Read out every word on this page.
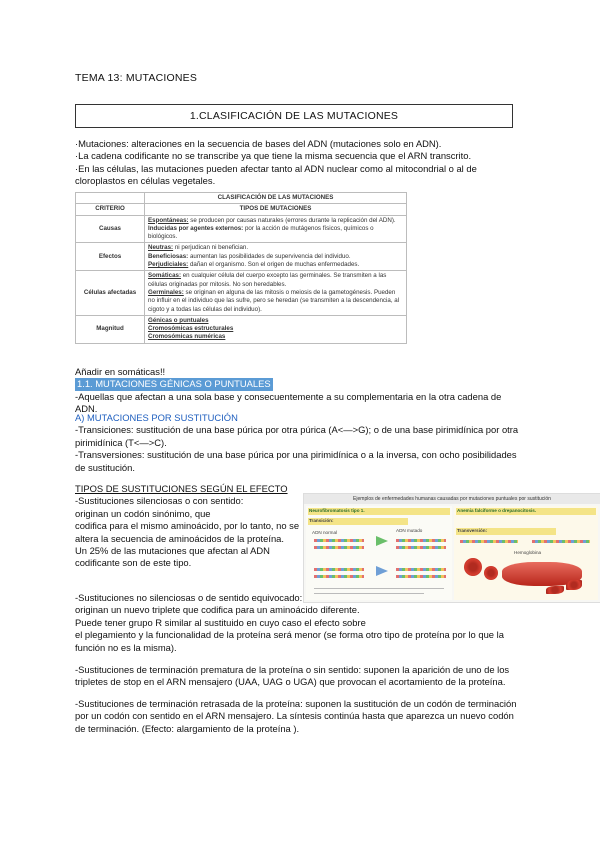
TEMA 13: MUTACIONES
1.CLASIFICACIÓN DE LAS MUTACIONES

·Mutaciones: alteraciones en la secuencia de bases del ADN (mutaciones solo en ADN).

·La cadena codificante no se transcribe ya que tiene la misma secuencia que el ARN transcrito.

·En las células, las mutaciones pueden afectar tanto al ADN nuclear como al mitocondrial o al de cloroplastos en células vegetales.

	CLASIFICACIÓN DE LAS MUTACIONES
CRITERIO	TIPOS DE MUTACIONES
Causas	Espontáneas: se producen por causas naturales (errores durante la replicación del ADN).
Inducidas por agentes externos: por la acción de mutágenos físicos, químicos o biológicos.

Efectos	Neutras: ni perjudican ni benefician.
Beneficiosas: aumentan las posibilidades de supervivencia del individuo.
Perjudiciales: dañan el organismo. Son el origen de muchas enfermedades.

Células afectadas	Somáticas: en cualquier célula del cuerpo excepto las germinales. Se transmiten a las células originadas por mitosis. No son heredables.
Germinales: se originan en alguna de las mitosis o meiosis de la gametogénesis. Pueden no influir en el individuo que las sufre, pero se heredan (se transmiten a la descendencia, al cigoto y a todas las células del individuo).

Magnitud	Génicas o puntuales
Cromosómicas estructurales
Cromosómicas numéricas

Añadir en somáticas!!

1.1. MUTACIONES GÉNICAS O PUNTUALES

-Aquellas que afectan a una sola base y consecuentemente a su complementaria en la otra cadena de ADN.

A) MUTACIONES POR SUSTITUCIÓN

-Transiciones: sustitución de una base púrica por otra púrica (A<—>G); o de una base pirimidínica por otra pirimidínica (T<—>C).

-Transversiones: sustitución de una base púrica por una pirimidínica o a la inversa, con ocho posibilidades de sustitución.

TIPOS DE SUSTITUCIONES SEGÚN EL EFECTO

-Sustituciones silenciosas o con sentido:

originan un codón sinónimo, que

codifica para el mismo aminoácido, por lo tanto, no se

altera la secuencia de aminoácidos de la proteína.

Un 25% de las mutaciones que afectan al ADN

codificante son de este tipo.

Ejemplos de enfermedades humanas causadas por mutaciones puntuales por sustitución
Neurofibromatosis tipo 1.
Transición:
ADN normal	ADN mutado
Anemia falciforme o drepanocitosis.
Transversión:
Hemoglobina

-Sustituciones no silenciosas o de sentido equivocado:

originan un nuevo triplete que codifica para un aminoácido diferente.

Puede tener grupo R similar al sustituido en cuyo caso el efecto sobre

el plegamiento y la funcionalidad de la proteína será menor (se forma otro tipo de proteína por lo que la función no es la misma).

-Sustituciones de terminación prematura de la proteína o sin sentido: suponen la aparición de uno de los tripletes de stop en el ARN mensajero (UAA, UAG o UGA) que provocan el acortamiento de la proteína.

-Sustituciones de terminación retrasada de la proteína: suponen la sustitución de un codón de terminación por un codón con sentido en el ARN mensajero. La síntesis continúa hasta que aparezca un nuevo codón de terminación. (Efecto: alargamiento de la proteína ).
